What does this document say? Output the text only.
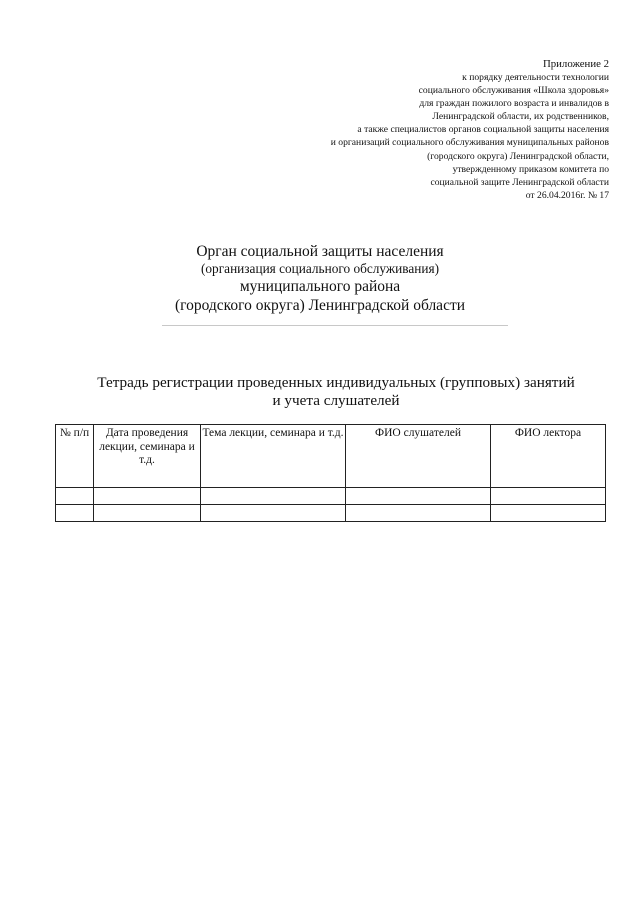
Приложение 2
к порядку деятельности технологии
социального обслуживания «Школа здоровья»
для граждан пожилого возраста и инвалидов в
Ленинградской области, их родственников,
а также специалистов органов социальной защиты населения
и организаций социального обслуживания муниципальных районов
(городского округа) Ленинградской области,
утвержденному приказом комитета по
социальной защите Ленинградской области
от 26.04.2016г. № 17
Орган социальной защиты населения
(организация социального обслуживания)
муниципального района
(городского округа) Ленинградской области
Тетрадь регистрации проведенных индивидуальных (групповых) занятий
и учета слушателей
№ п/п	Дата проведения лекции, семинара и т.д.	Тема лекции, семинара и т.д.	ФИО слушателей	ФИО лектора
